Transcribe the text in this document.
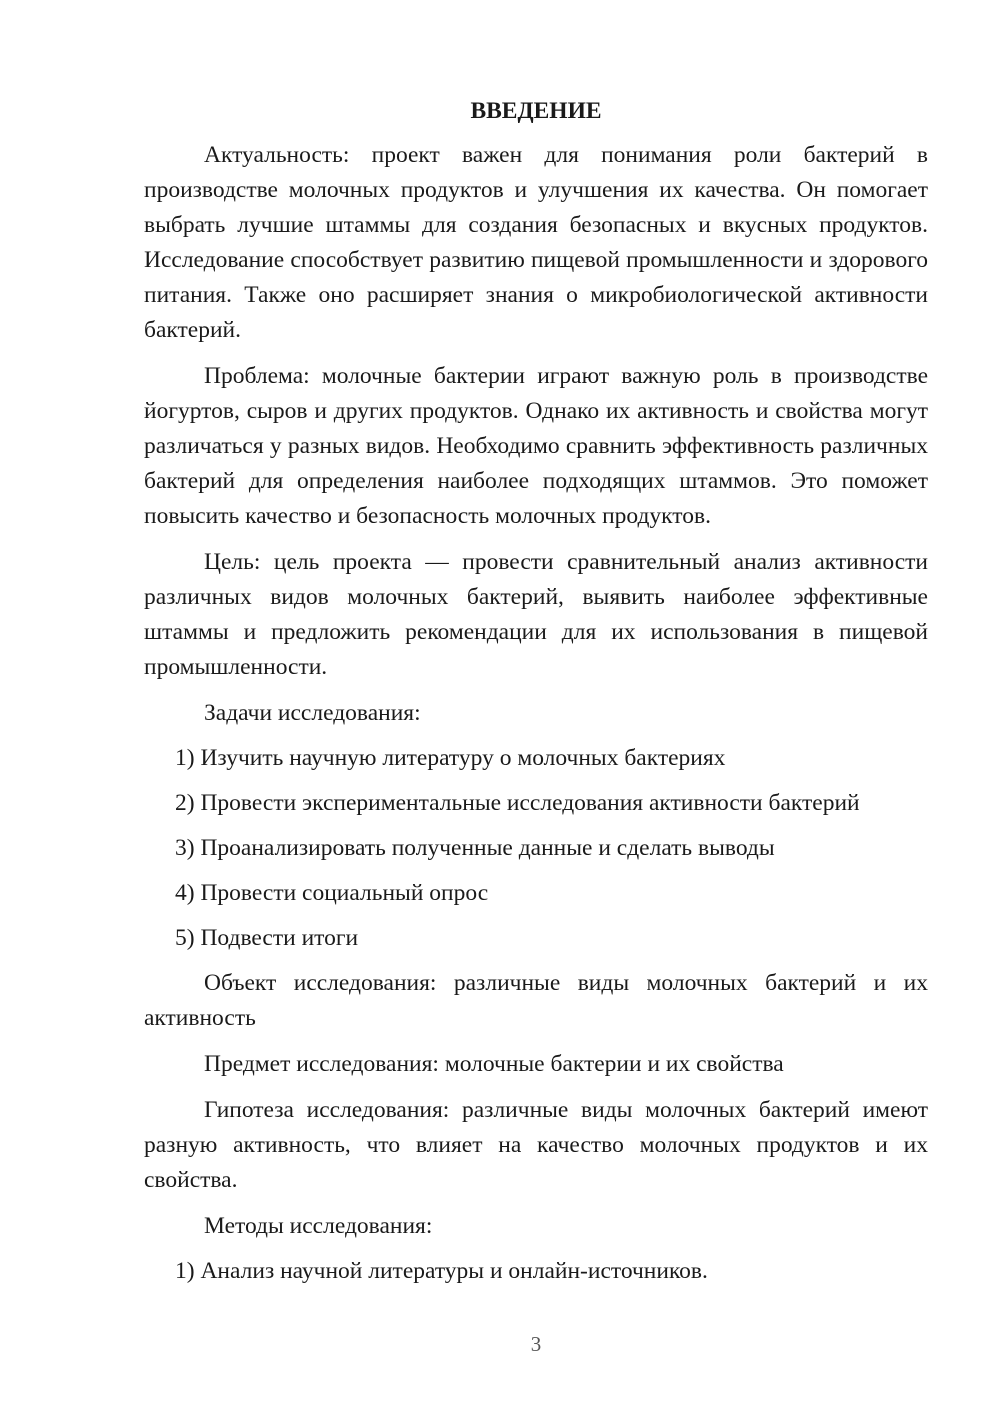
ВВЕДЕНИЕ

Актуальность: проект важен для понимания роли бактерий в производстве молочных продуктов и улучшения их качества. Он помогает выбрать лучшие штаммы для создания безопасных и вкусных продуктов. Исследование способствует развитию пищевой промышленности и здорового питания. Также оно расширяет знания о микробиологической активности бактерий.

Проблема: молочные бактерии играют важную роль в производстве йогуртов, сыров и других продуктов. Однако их активность и свойства могут различаться у разных видов. Необходимо сравнить эффективность различных бактерий для определения наиболее подходящих штаммов. Это поможет повысить качество и безопасность молочных продуктов.

Цель: цель проекта — провести сравнительный анализ активности различных видов молочных бактерий, выявить наиболее эффективные штаммы и предложить рекомендации для их использования в пищевой промышленности.

Задачи исследования:

1) Изучить научную литературу о молочных бактериях

2) Провести экспериментальные исследования активности бактерий

3) Проанализировать полученные данные и сделать выводы

4) Провести социальный опрос

5) Подвести итоги

Объект исследования: различные виды молочных бактерий и их активность

Предмет исследования: молочные бактерии и их свойства

Гипотеза исследования: различные виды молочных бактерий имеют разную активность, что влияет на качество молочных продуктов и их свойства.

Методы исследования:

1) Анализ научной литературы и онлайн-источников.

3
